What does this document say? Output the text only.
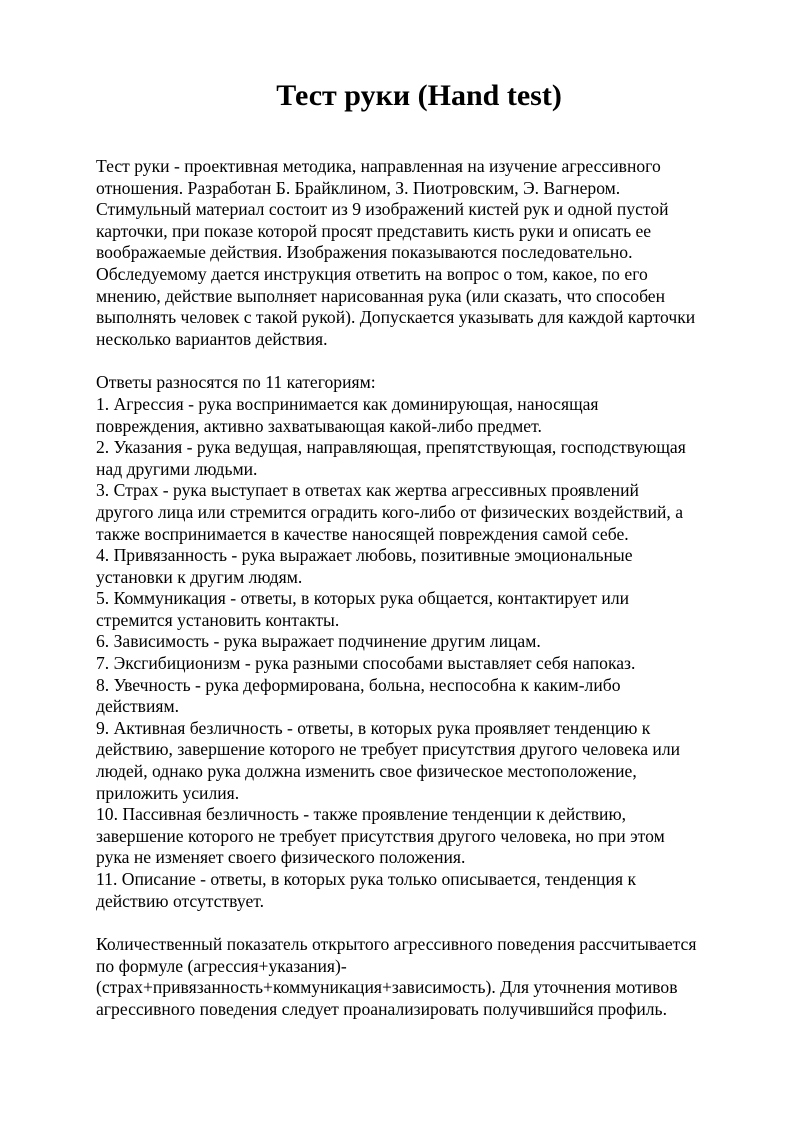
Тест руки (Hand test)

Тест руки - проективная методика, направленная на изучение агрессивного
отношения. Разработан Б. Брайклином, З. Пиотровским, Э. Вагнером.
Стимульный материал состоит из 9 изображений кистей рук и одной пустой
карточки, при показе которой просят представить кисть руки и описать ее
воображаемые действия. Изображения показываются последовательно.
Обследуемому дается инструкция ответить на вопрос о том, какое, по его
мнению, действие выполняет нарисованная рука (или сказать, что способен
выполнять человек с такой рукой). Допускается указывать для каждой карточки
несколько вариантов действия.

Ответы разносятся по 11 категориям:
1. Агрессия - рука воспринимается как доминирующая, наносящая
повреждения, активно захватывающая какой-либо предмет.
2. Указания - рука ведущая, направляющая, препятствующая, господствующая
над другими людьми.
3. Страх - рука выступает в ответах как жертва агрессивных проявлений
другого лица или стремится оградить кого-либо от физических воздействий, а
также воспринимается в качестве наносящей повреждения самой себе.
4. Привязанность - рука выражает любовь, позитивные эмоциональные
установки к другим людям.
5. Коммуникация - ответы, в которых рука общается, контактирует или
стремится установить контакты.
6. Зависимость - рука выражает подчинение другим лицам.
7. Эксгибиционизм - рука разными способами выставляет себя напоказ.
8. Увечность - рука деформирована, больна, неспособна к каким-либо
действиям.
9. Активная безличность - ответы, в которых рука проявляет тенденцию к
действию, завершение которого не требует присутствия другого человека или
людей, однако рука должна изменить свое физическое местоположение,
приложить усилия.
10. Пассивная безличность - также проявление тенденции к действию,
завершение которого не требует присутствия другого человека, но при этом
рука не изменяет своего физического положения.
11. Описание - ответы, в которых рука только описывается, тенденция к
действию отсутствует.

Количественный показатель открытого агрессивного поведения рассчитывается
по формуле (агрессия+указания)-
(страх+привязанность+коммуникация+зависимость). Для уточнения мотивов
агрессивного поведения следует проанализировать получившийся профиль.
